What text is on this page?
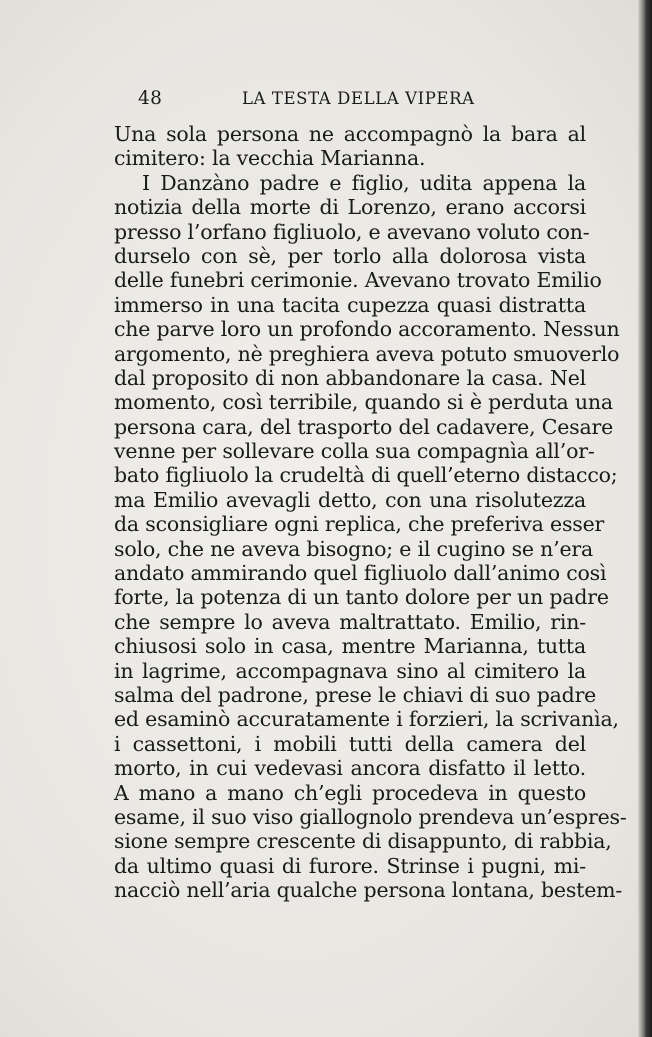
48	LA TESTA DELLA VIPERA
Una sola persona ne accompagnò la bara al
cimitero: la vecchia Marianna.
I Danzàno padre e figlio, udita appena la
notizia della morte di Lorenzo, erano accorsi
presso l’orfano figliuolo, e avevano voluto con-
durselo con sè, per torlo alla dolorosa vista
delle funebri cerimonie. Avevano trovato Emilio
immerso in una tacita cupezza quasi distratta
che parve loro un profondo accoramento. Nessun
argomento, nè preghiera aveva potuto smuoverlo
dal proposito di non abbandonare la casa. Nel
momento, così terribile, quando si è perduta una
persona cara, del trasporto del cadavere, Cesare
venne per sollevare colla sua compagnìa all’or-
bato figliuolo la crudeltà di quell’eterno distacco;
ma Emilio avevagli detto, con una risolutezza
da sconsigliare ogni replica, che preferiva esser
solo, che ne aveva bisogno; e il cugino se n’era
andato ammirando quel figliuolo dall’animo così
forte, la potenza di un tanto dolore per un padre
che sempre lo aveva maltrattato. Emilio, rin-
chiusosi solo in casa, mentre Marianna, tutta
in lagrime, accompagnava sino al cimitero la
salma del padrone, prese le chiavi di suo padre
ed esaminò accuratamente i forzieri, la scrivanìa,
i cassettoni, i mobili tutti della camera del
morto, in cui vedevasi ancora disfatto il letto.
A mano a mano ch’egli procedeva in questo
esame, il suo viso giallognolo prendeva un’espres-
sione sempre crescente di disappunto, di rabbia,
da ultimo quasi di furore. Strinse i pugni, mi-
nacciò nell’aria qualche persona lontana, bestem-
